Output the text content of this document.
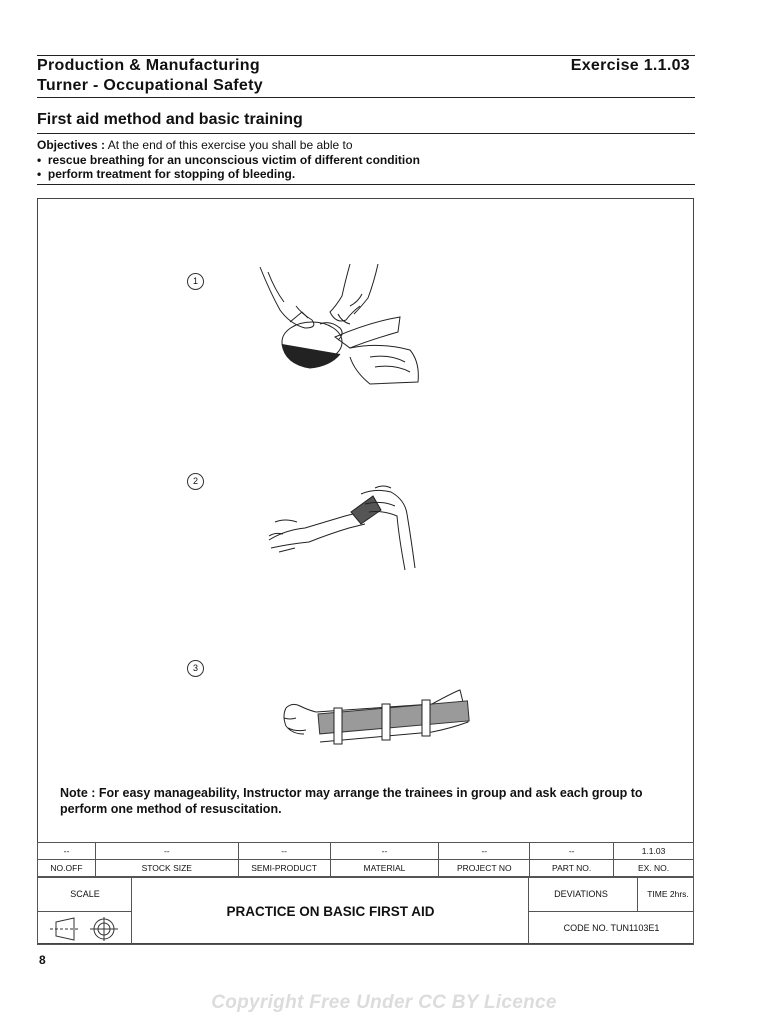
Production & Manufacturing	Exercise 1.1.03
Turner - Occupational Safety
First aid method and basic training
Objectives : At the end of this exercise you shall be able to
•  rescue breathing for an unconscious victim of different condition
•  perform treatment for stopping of bleeding.
1
2
3
Note : For easy manageability, Instructor may arrange the trainees in group and ask each group to perform one method of resuscitation.
--	--	--	--	--	--	1.1.03
NO.OFF	STOCK SIZE	SEMI-PRODUCT	MATERIAL	PROJECT NO	PART NO.	EX. NO.
SCALE
PRACTICE ON BASIC FIRST AID
DEVIATIONS	TIME 2hrs.
CODE NO. TUN1103E1
8
Copyright Free Under CC BY Licence
